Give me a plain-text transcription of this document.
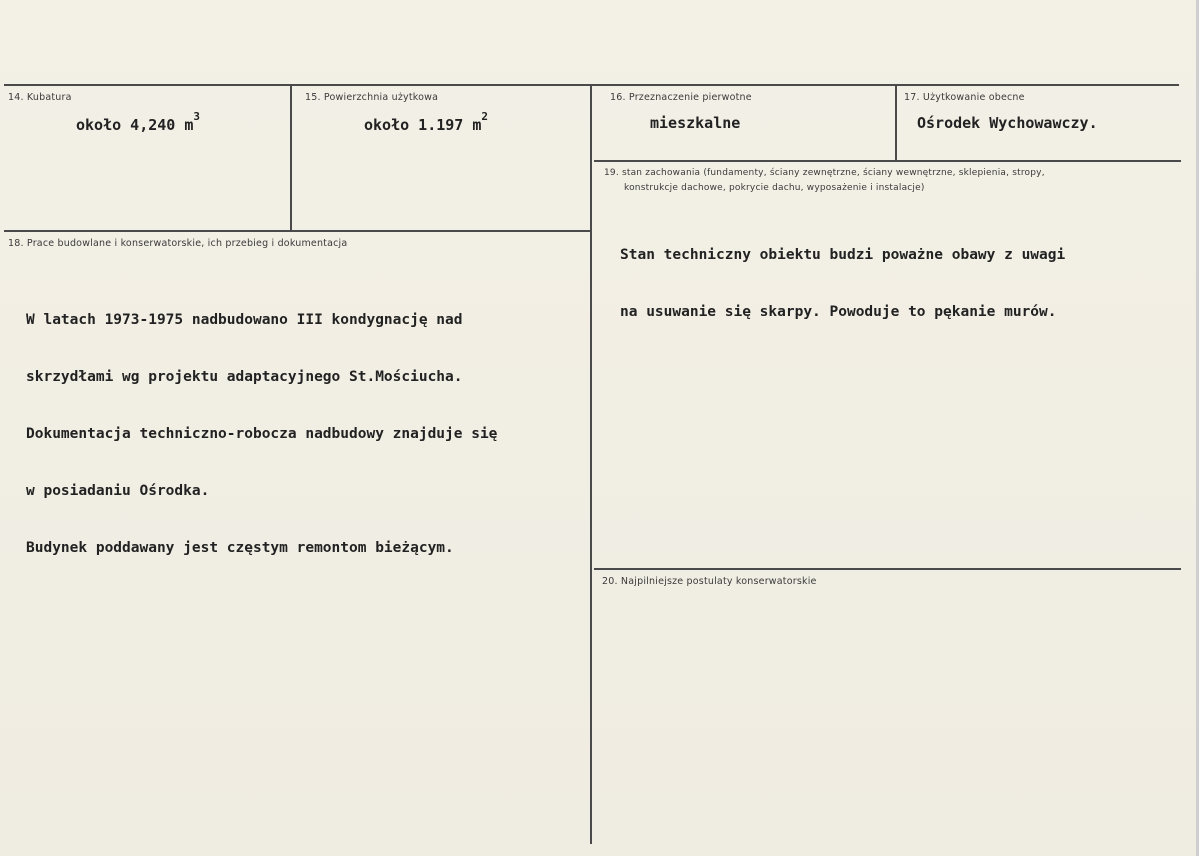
14. Kubatura
około 4,240 $m^3$
15. Powierzchnia użytkowa
około 1.197 $m^2$
16. Przeznaczenie pierwotne
mieszkalne
17. Użytkowanie obecne
Ośrodek Wychowawczy.
19. stan zachowania (fundamenty, ściany zewnętrzne, ściany wewnętrzne, sklepienia, stropy,
konstrukcje dachowe, pokrycie dachu, wyposażenie i instalacje)

Stan techniczny obiektu budzi poważne obawy z uwagi

na usuwanie się skarpy. Powoduje to pękanie murów.

18. Prace budowlane i konserwatorskie, ich przebieg i dokumentacja

W latach 1973-1975 nadbudowano III kondygnację nad

skrzydłami wg projektu adaptacyjnego St.Mościucha.

Dokumentacja techniczno-robocza nadbudowy znajduje się

w posiadaniu Ośrodka.

Budynek poddawany jest częstym remontom bieżącym.

20. Najpilniejsze postulaty konserwatorskie
